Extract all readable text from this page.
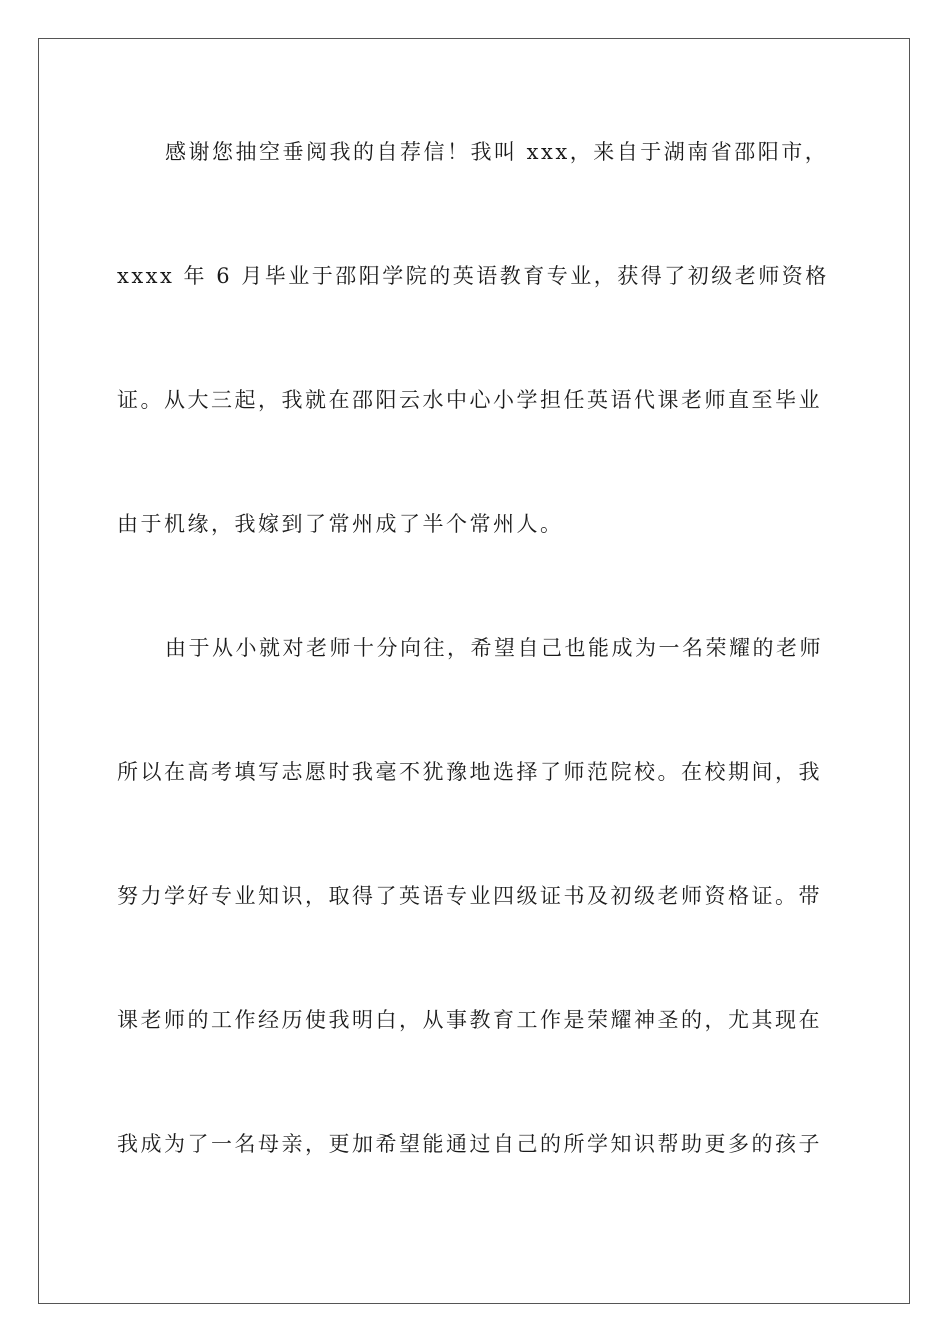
感谢您抽空垂阅我的自荐信！我叫 xxx，来自于湖南省邵阳市，
xxxx 年 6 月毕业于邵阳学院的英语教育专业，获得了初级老师资格
证。从大三起，我就在邵阳云水中心小学担任英语代课老师直至毕业
由于机缘，我嫁到了常州成了半个常州人。
由于从小就对老师十分向往，希望自己也能成为一名荣耀的老师
所以在高考填写志愿时我毫不犹豫地选择了师范院校。在校期间，我
努力学好专业知识，取得了英语专业四级证书及初级老师资格证。带
课老师的工作经历使我明白，从事教育工作是荣耀神圣的，尤其现在
我成为了一名母亲，更加希望能通过自己的所学知识帮助更多的孩子
